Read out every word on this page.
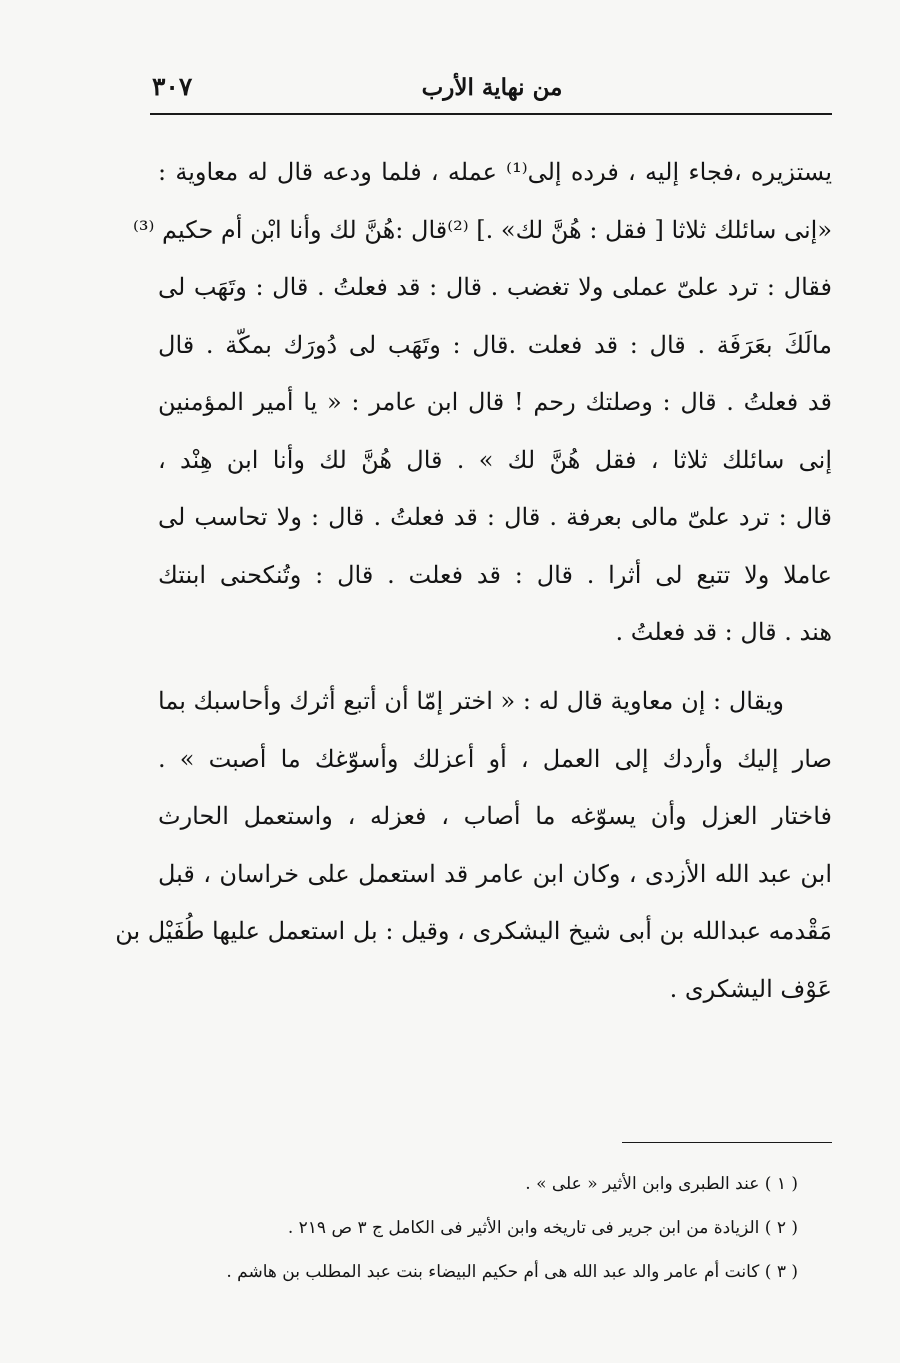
من نهاية الأرب
٣٠٧
يستزيره ،فجاء إليه ، فرده إلى⁽¹⁾ عمله ، فلما ودعه قال له معاوية :
«إنى سائلك ثلاثا [ فقل : هُنَّ لك» .] ⁽²⁾قال :هُنَّ لك وأنا ابْن أم حكيم ⁽³⁾
فقال : ترد علىّ عملى ولا تغضب . قال : قد فعلتُ . قال : وتَهَب لى
مالَكَ بعَرَفَة . قال : قد فعلت .قال : وتَهَب لى دُورَك بمكّة . قال
قد فعلتُ . قال : وصلتك رحم ! قال ابن عامر : « يا أمير المؤمنين
إنى سائلك ثلاثا ، فقل هُنَّ لك » . قال هُنَّ لك وأنا ابن هِنْد ،
قال : ترد علىّ مالى بعرفة . قال : قد فعلتُ . قال : ولا تحاسب لى
عاملا ولا تتبع لى أثرا . قال : قد فعلت . قال : وتُنكحنى ابنتك
هند . قال : قد فعلتُ .
ويقال : إن معاوية قال له : « اختر إمّا أن أتبع أثرك وأحاسبك بما
صار إليك وأردك إلى العمل ، أو أعزلك وأسوّغك ما أصبت » .
فاختار العزل وأن يسوّغه ما أصاب ، فعزله ، واستعمل الحارث
ابن عبد الله الأزدى ، وكان ابن عامر قد استعمل على خراسان ، قبل
مَقْدمه عبدالله بن أبى شيخ اليشكرى ، وقيل : بل استعمل عليها طُفَيْل بن
عَوْف اليشكرى .
( ١ ) عند الطبرى وابن الأثير « على » .
( ٢ ) الزيادة من ابن جرير فى تاريخه وابن الأثير فى الكامل ج ٣ ص ٢١٩ .
( ٣ ) كانت أم عامر والد عبد الله هى أم حكيم البيضاء بنت عبد المطلب بن هاشم .
